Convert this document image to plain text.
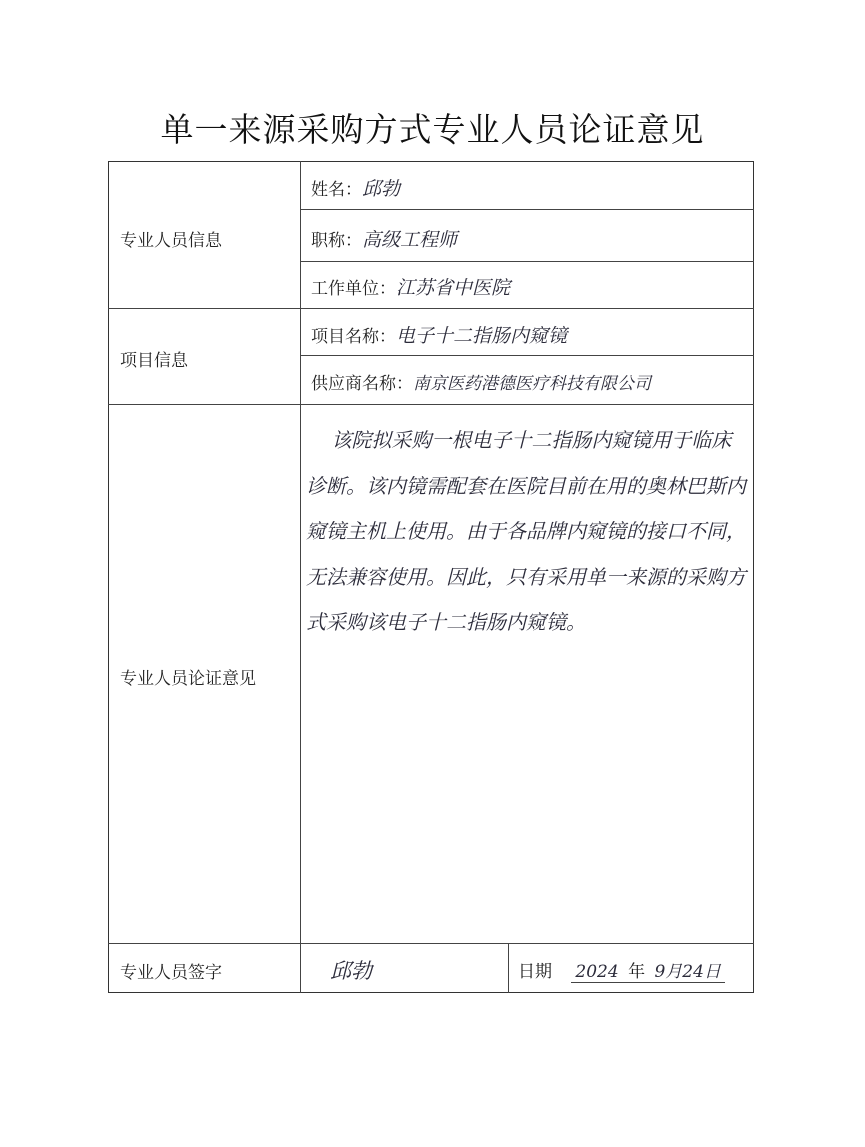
单一来源采购方式专业人员论证意见
专业人员信息
姓名：邱勃
职称：高级工程师
工作单位：江苏省中医院
项目信息
项目名称：电子十二指肠内窥镜
供应商名称：南京医药港德医疗科技有限公司
专业人员论证意见
该院拟采购一根电子十二指肠内窥镜用于临床诊断。该内镜需配套在医院目前在用的奥林巴斯内窥镜主机上使用。由于各品牌内窥镜的接口不同，无法兼容使用。因此，只有采用单一来源的采购方式采购该电子十二指肠内窥镜。
专业人员签字	邱勃	日期 2024 年 9月24日
